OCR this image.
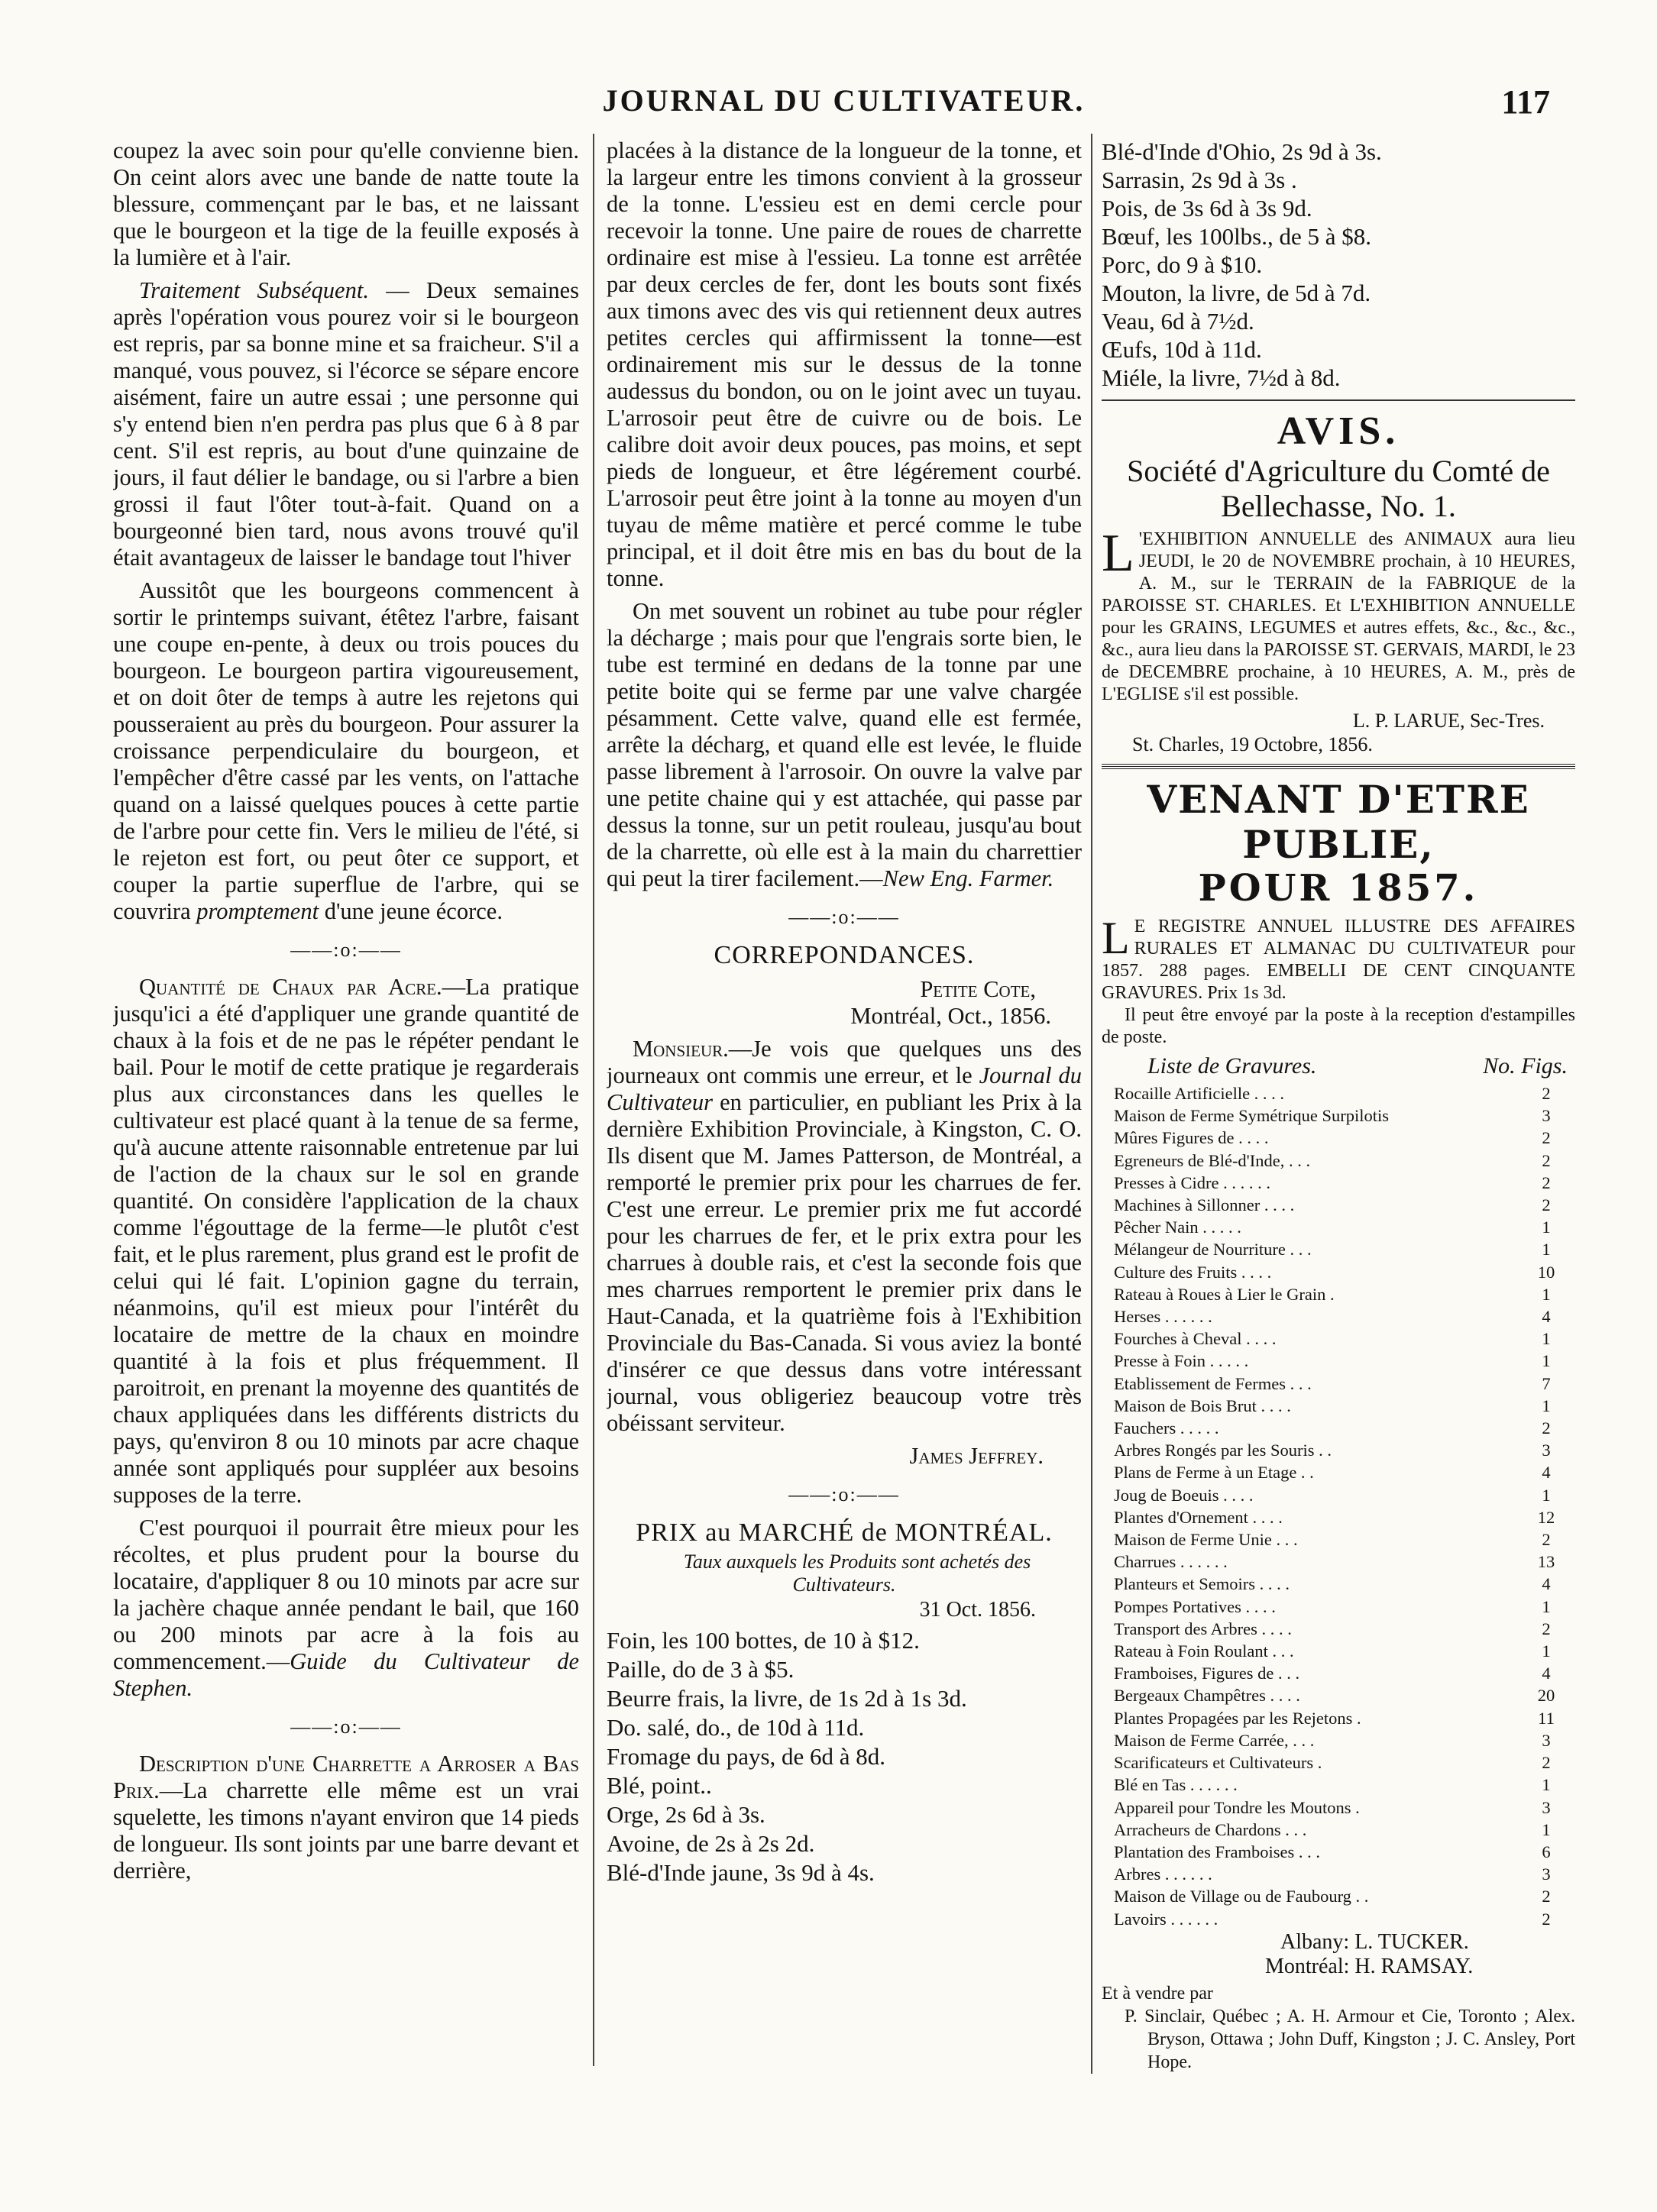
JOURNAL DU CULTIVATEUR.	117

coupez la avec soin pour qu'elle convienne bien. On ceint alors avec une bande de natte toute la blessure, commençant par le bas, et ne laissant que le bourgeon et la tige de la feuille exposés à la lumière et à l'air.

Traitement Subséquent. — Deux semaines après l'opération vous pourez voir si le bourgeon est repris, par sa bonne mine et sa fraicheur. S'il a manqué, vous pouvez, si l'écorce se sépare encore aisément, faire un autre essai ; une personne qui s'y entend bien n'en perdra pas plus que 6 à 8 par cent. S'il est repris, au bout d'une quinzaine de jours, il faut délier le bandage, ou si l'arbre a bien grossi il faut l'ôter tout-à-fait. Quand on a bourgeonné bien tard, nous avons trouvé qu'il était avantageux de laisser le bandage tout l'hiver

Aussitôt que les bourgeons commencent à sortir le printemps suivant, étêtez l'arbre, faisant une coupe en-pente, à deux ou trois pouces du bourgeon. Le bourgeon partira vigoureusement, et on doit ôter de temps à autre les rejetons qui pousseraient au près du bourgeon. Pour assurer la croissance perpendiculaire du bourgeon, et l'empêcher d'être cassé par les vents, on l'attache quand on a laissé quelques pouces à cette partie de l'arbre pour cette fin. Vers le milieu de l'été, si le rejeton est fort, ou peut ôter ce support, et couper la partie superflue de l'arbre, qui se couvrira promptement d'une jeune écorce.

——:o:——

Quantité de Chaux par Acre.—La pratique jusqu'ici a été d'appliquer une grande quantité de chaux à la fois et de ne pas le répéter pendant le bail. Pour le motif de cette pratique je regarderais plus aux circonstances dans les quelles le cultivateur est placé quant à la tenue de sa ferme, qu'à aucune attente raisonnable entretenue par lui de l'action de la chaux sur le sol en grande quantité. On considère l'application de la chaux comme l'égouttage de la ferme—le plutôt c'est fait, et le plus rarement, plus grand est le profit de celui qui lé fait. L'opinion gagne du terrain, néanmoins, qu'il est mieux pour l'intérêt du locataire de mettre de la chaux en moindre quantité à la fois et plus fréquemment. Il paroitroit, en prenant la moyenne des quantités de chaux appliquées dans les différents districts du pays, qu'environ 8 ou 10 minots par acre chaque année sont appliqués pour suppléer aux besoins supposes de la terre.

C'est pourquoi il pourrait être mieux pour les récoltes, et plus prudent pour la bourse du locataire, d'appliquer 8 ou 10 minots par acre sur la jachère chaque année pendant le bail, que 160 ou 200 minots par acre à la fois au commencement.—Guide du Cultivateur de Stephen.

——:o:——

Description d'une Charrette a Arroser a Bas Prix.—La charrette elle même est un vrai squelette, les timons n'ayant environ que 14 pieds de longueur. Ils sont joints par une barre devant et derrière,

placées à la distance de la longueur de la tonne, et la largeur entre les timons convient à la grosseur de la tonne. L'essieu est en demi cercle pour recevoir la tonne. Une paire de roues de charrette ordinaire est mise à l'essieu. La tonne est arrêtée par deux cercles de fer, dont les bouts sont fixés aux timons avec des vis qui retiennent deux autres petites cercles qui affirmissent la tonne—est ordinairement mis sur le dessus de la tonne audessus du bondon, ou on le joint avec un tuyau. L'arrosoir peut être de cuivre ou de bois. Le calibre doit avoir deux pouces, pas moins, et sept pieds de longueur, et être légérement courbé. L'arrosoir peut être joint à la tonne au moyen d'un tuyau de même matière et percé comme le tube principal, et il doit être mis en bas du bout de la tonne.

On met souvent un robinet au tube pour régler la décharge ; mais pour que l'engrais sorte bien, le tube est terminé en dedans de la tonne par une petite boite qui se ferme par une valve chargée pésamment. Cette valve, quand elle est fermée, arrête la décharg, et quand elle est levée, le fluide passe librement à l'arrosoir. On ouvre la valve par une petite chaine qui y est attachée, qui passe par dessus la tonne, sur un petit rouleau, jusqu'au bout de la charrette, où elle est à la main du charrettier qui peut la tirer facilement.—New Eng. Farmer.

——:o:——
CORREPONDANCES.

Petite Cote,

Montréal, Oct., 1856.

Monsieur.—Je vois que quelques uns des journeaux ont commis une erreur, et le Journal du Cultivateur en particulier, en publiant les Prix à la dernière Exhibition Provinciale, à Kingston, C. O. Ils disent que M. James Patterson, de Montréal, a remporté le premier prix pour les charrues de fer. C'est une erreur. Le premier prix me fut accordé pour les charrues de fer, et le prix extra pour les charrues à double rais, et c'est la seconde fois que mes charrues remportent le premier prix dans le Haut-Canada, et la quatrième fois à l'Exhibition Provinciale du Bas-Canada. Si vous aviez la bonté d'insérer ce que dessus dans votre intéressant journal, vous obligeriez beaucoup votre très obéissant serviteur.

James Jeffrey.

——:o:——
PRIX au MARCHÉ de MONTRÉAL.

Taux auxquels les Produits sont achetés des Cultivateurs.

31 Oct. 1856.

Foin, les 100 bottes, de 10 à $12.
Paille, do de 3 à $5.
Beurre frais, la livre, de 1s 2d à 1s 3d.
Do. salé, do., de 10d à 11d.
Fromage du pays, de 6d à 8d.
Blé, point..
Orge, 2s 6d à 3s.
Avoine, de 2s à 2s 2d.
Blé-d'Inde jaune, 3s 9d à 4s.
Blé-d'Inde d'Ohio, 2s 9d à 3s.
Sarrasin, 2s 9d à 3s .
Pois, de 3s 6d à 3s 9d.
Bœuf, les 100lbs., de 5 à $8.
Porc, do 9 à $10.
Mouton, la livre, de 5d à 7d.
Veau, 6d à 7½d.
Œufs, 10d à 11d.
Miéle, la livre, 7½d à 8d.
AVIS.
Société d'Agriculture du Comté de Bellechasse, No. 1.
L 'EXHIBITION ANNUELLE des ANIMAUX aura lieu JEUDI, le 20 de NOVEMBRE prochain, à 10 HEURES, A. M., sur le TERRAIN de la FABRIQUE de la PAROISSE ST. CHARLES. Et L'EXHIBITION ANNUELLE pour les GRAINS, LEGUMES et autres effets, &c., &c., &c., &c., aura lieu dans la PAROISSE ST. GERVAIS, MARDI, le 23 de DECEMBRE prochaine, à 10 HEURES, A. M., près de L'EGLISE s'il est possible.

L. P. LARUE, Sec-Tres.

St. Charles, 19 Octobre, 1856.

VENANT D'ETRE PUBLIE,
POUR 1857.
L E REGISTRE ANNUEL ILLUSTRE DES AFFAIRES RURALES ET ALMANAC DU CULTIVATEUR pour 1857. 288 pages. EMBELLI DE CENT CINQUANTE GRAVURES. Prix 1s 3d.

Il peut être envoyé par la poste à la reception d'estampilles de poste.

Liste de Gravures.	No. Figs.
Rocaille Artificielle . . . .	2
Maison de Ferme Symétrique Surpilotis	3
Mûres Figures de . . . .	2
Egreneurs de Blé-d'Inde, . . .	2
Presses à Cidre . . . . . .	2
Machines à Sillonner . . . .	2
Pêcher Nain . . . . .	1
Mélangeur de Nourriture . . .	1
Culture des Fruits . . . .	10
Rateau à Roues à Lier le Grain .	1
Herses . . . . . .	4
Fourches à Cheval . . . .	1
Presse à Foin . . . . .	1
Etablissement de Fermes . . .	7
Maison de Bois Brut . . . .	1
Fauchers . . . . .	2
Arbres Rongés par les Souris . .	3
Plans de Ferme à un Etage . .	4
Joug de Boeuis . . . .	1
Plantes d'Ornement . . . .	12
Maison de Ferme Unie . . .	2
Charrues . . . . . .	13
Planteurs et Semoirs . . . .	4
Pompes Portatives . . . .	1
Transport des Arbres . . . .	2
Rateau à Foin Roulant . . .	1
Framboises, Figures de . . .	4
Bergeaux Champêtres . . . .	20
Plantes Propagées par les Rejetons .	11
Maison de Ferme Carrée, . . .	3
Scarificateurs et Cultivateurs .	2
Blé en Tas . . . . . .	1
Appareil pour Tondre les Moutons .	3
Arracheurs de Chardons . . .	1
Plantation des Framboises . . .	6
Arbres . . . . . .	3
Maison de Village ou de Faubourg . .	2
Lavoirs . . . . . .	2

Albany: L. TUCKER.

Montréal: H. RAMSAY.

Et à vendre par

P. Sinclair, Québec ; A. H. Armour et Cie, Toronto ; Alex. Bryson, Ottawa ; John Duff, Kingston ; J. C. Ansley, Port Hope.
